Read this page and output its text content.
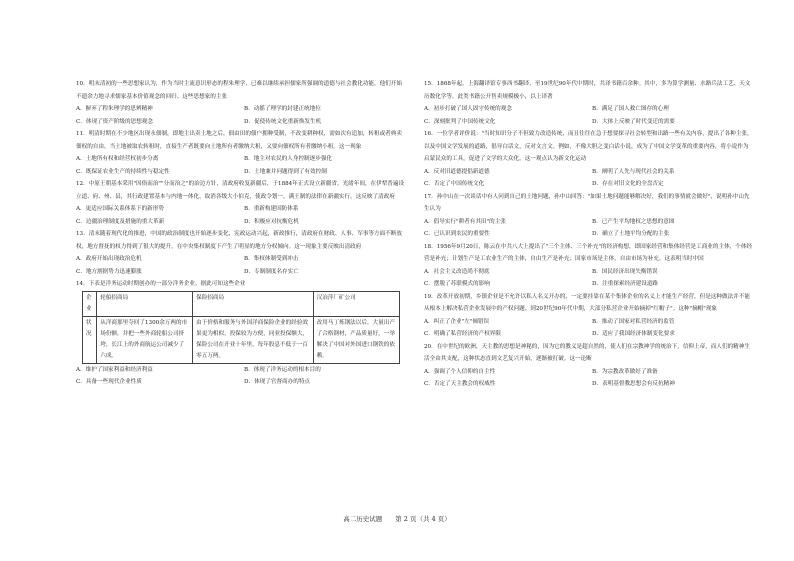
10．明末清初的一些思想家认为，作为当时主流意识形态的程朱理学，已难以继续承担儒家所强调的道德与社会教化功能，他们开始不遗余力地寻求儒家基本价值观念的回归。这些思想家的主张

A．摒弃了程朱理学的思辨精神	B．动摇了理学的封建正统地位
C．体现了资产阶级的思想观念	D．促使传统文化重新焕发生机

11．明清时期在不少地区出现永佃制，即地主出卖土地之后，佃由田的佃户拥种受制，不改变耕种权，需如次有追加，转租或者典卖佃权的自由，当土地被取农转租时，直接生产者既要向土地所有者缴纳大租，又要向佃权所有者缴纳小租。这一现象

A．土地所有权和经营权初步分离	B．地主对农民的人身控制逐步强化
C．既保证农业生产的持续性与稳定性	D．土地兼并问题得到了有效控制

12．中原王朝基本采用"因俗而治""分而治之"的治边方针，清政府收复新疆后，于1884年正式设立新疆省。光绪年间，在伊犁普遍设立道、府、州、县，其行政建置基本与内地一体化，取消各级大小伯克，使政令划一，满王制的法律在新疆实行。这反映了清政府

A．更适应国际关系体系下的新形势	B．重新构建国防体系
C．边疆治理制度及措施的重大革新	D．积极应对抗衡危机

13．清末随着现代化的推进，中国的政治制度也开始逐步变化，宪政运动兴起，新政推行，清政府在财政、人事、军事等方面不断放权，地方督抚的权力得到了很大的提升，在中央集权制度下产生了明显的地方分权倾向。这一现象主要反映出清政府

A．政府开始出现政治危机	B．集权体制受到冲击
C．地方割据势力迅速膨胀	D．专制制度名存实亡

14．下表是洋务运动时期创办的一部分洋务企业。据此可知这些企业

企业	轮船招商局	保险招商局	汉冶萍厂矿公司
状况	从洋商那里夺回了1300余万两的市场份额，并把一些外商轮船公司挤垮，长江上的外商航运公司减少了六成。	由于价格和服务与外国洋商保险企业的经验效果更为相似，投保较为方便，同业投保额大，保险公司在开业十年里，每年股息不低于一百零五万两。	改用马丁炼钢法以后，大量出产了合格钢材，产品质量好，一举解决了中国对外国进口钢铁的依赖。
A．维护了国家利益和经济利益	B．体现了洋务运动的根本目的
C．具备一些现代企业性质	D．体现了官督商办的特点

15．1868年起，上海翻译馆专事西书翻译，至19世纪90年代中期时，共译书籍百余种。其中，多为算学测量、水路兵法工艺、天文历数化学等。此类书籍公开售卖规模极小，以上译著

A．初步打破了国人固守传统的观念	B．满足了国人救亡图存的心理
C．深刻批判了中国传统文化	D．大体上反映了时代变迁的需要

16．一位学者评价说："当时知识分子不但致力改造传统，而且往往在急于想要探寻社会转型和出路一些有关内容，提出了各种主张，以及中国文学发展的道路，倡导白话文，反对文言文。例如，不像大胆之变白话小说，成为了中国文学变革的重要内容，将小说作为启蒙民众的工具，促进了文学的大众化。这一观点认为新文化运动

A．反对旧道德提倡新道德	B．阐明了人先与现代社会的关系
C．否定了中国传统文化	D．存在对旧文化的全盘否定

17．孙中山在一次谈话中有人问到自己的土地问题，孙中山回答："如果土地问题能够解决好，我们的事情就会做好"，说明孙中山先生认为

A．倡导实行"耕者有其田"的主张	B．已产生平均地权之思想的意图
C．已认识到农民的重要性	D．确立了土地平均分配的主张

18．1956年9月20日，陈云在中共八大上提出了"三个主体、三个补充"的经济构想，即国家经营和集体经营是工商业的主体，个体经营是补充；计划生产是工农业生产的主体，自由生产是补充；国家市场是主体，自由市场为补充。这表明当时中国

A．社会主义改造尚不彻底	B．国民经济出现失衡错误
C．摆脱了苏联模式的影响	D．注重探索经济建设道路

19．改革开放初期，乡镇企业是不允许以私人名义开办的，一定要挂靠在某个集体企业的名义上才能生产经营，但是这种做法并不能从根本上解决私营企业发展中的产权问题。到20世纪90年代中期，大部分私营企业开始摘掉"红帽子"。这种"摘帽"现象

A．纠正了企业"左"倾错误	B．推动了国家对私营经济的监管
C．明确了私营经济的产权界限	D．适应了我国经济体制变化要求

20．在中世纪的欧洲，天主教的思想是神秘的，因为它的教义是超自然的，使人们在宗教神学的统治下，信仰上帝，而人们的精神生活全由其支配，这种状态直到文艺复兴开始，逐渐被打破。这一论断

A．强调了个人信仰的自主性	B．为宗教改革做好了准备
C．否定了天主教会的权威性	D．表明基督教思想会有反抗精神
高二历史试题　　第 2 页（共 4 页）
